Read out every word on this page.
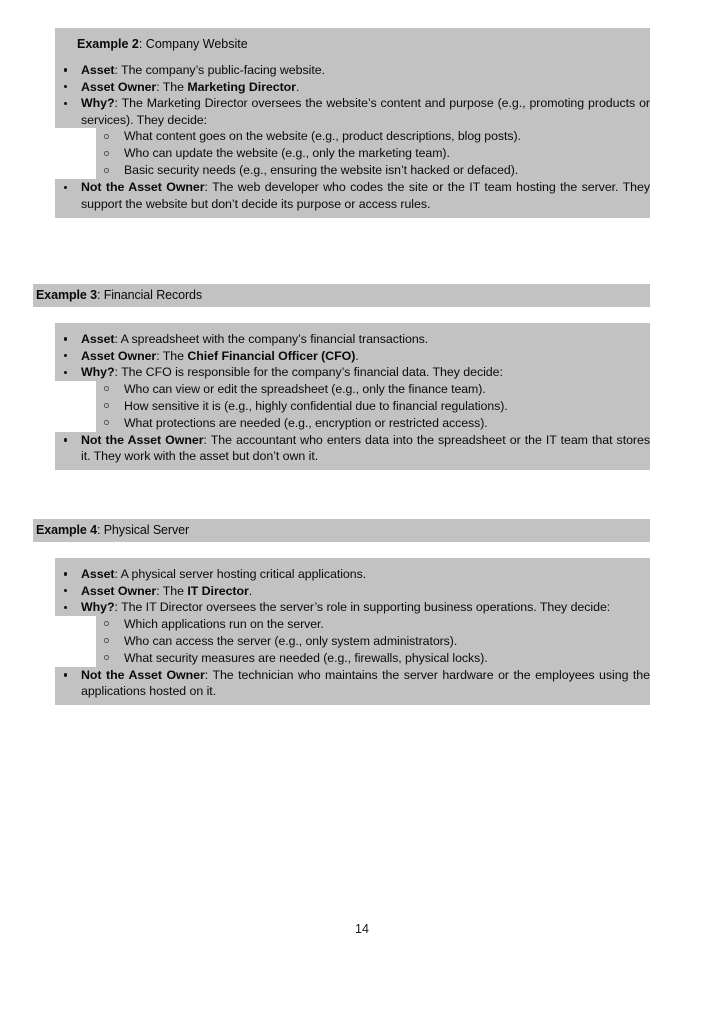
Example 2: Company Website
Asset: The company’s public-facing website.
Asset Owner: The Marketing Director.
Why?: The Marketing Director oversees the website’s content and purpose (e.g., promoting products or services). They decide:
What content goes on the website (e.g., product descriptions, blog posts).
Who can update the website (e.g., only the marketing team).
Basic security needs (e.g., ensuring the website isn’t hacked or defaced).
Not the Asset Owner: The web developer who codes the site or the IT team hosting the server. They support the website but don’t decide its purpose or access rules.
Example 3: Financial Records
Asset: A spreadsheet with the company’s financial transactions.
Asset Owner: The Chief Financial Officer (CFO).
Why?: The CFO is responsible for the company’s financial data. They decide:
Who can view or edit the spreadsheet (e.g., only the finance team).
How sensitive it is (e.g., highly confidential due to financial regulations).
What protections are needed (e.g., encryption or restricted access).
Not the Asset Owner: The accountant who enters data into the spreadsheet or the IT team that stores it. They work with the asset but don’t own it.
Example 4: Physical Server
Asset: A physical server hosting critical applications.
Asset Owner: The IT Director.
Why?: The IT Director oversees the server’s role in supporting business operations. They decide:
Which applications run on the server.
Who can access the server (e.g., only system administrators).
What security measures are needed (e.g., firewalls, physical locks).
Not the Asset Owner: The technician who maintains the server hardware or the employees using the applications hosted on it.
14
